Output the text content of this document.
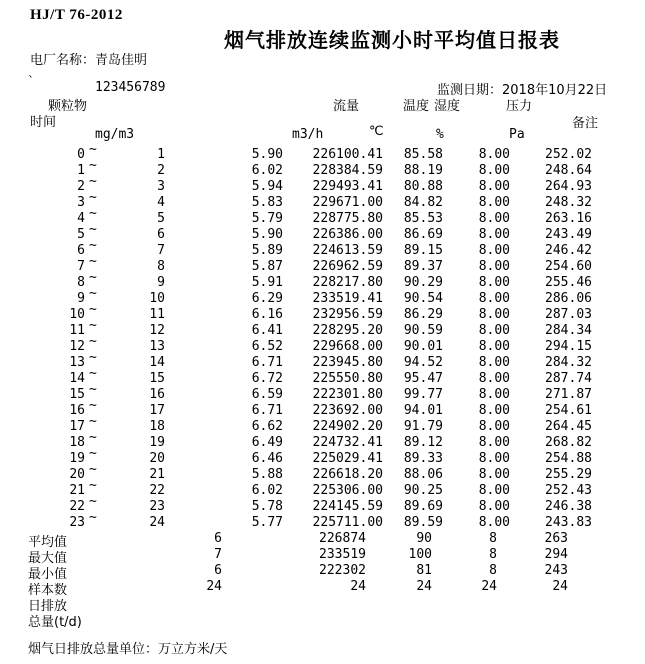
HJ/T 76-2012
烟气排放连续监测小时平均值日报表
电厂名称：青岛佳明
`	123456789	监测日期：2018年10月22日
颗粒物	流量	温度 湿度	压力
时间	备注
mg/m3	m3/h	℃	%	Pa
0 ~	1	5.90	226100.41	85.58	8.00	252.02
1 ~	2	6.02	228384.59	88.19	8.00	248.64
2 ~	3	5.94	229493.41	80.88	8.00	264.93
3 ~	4	5.83	229671.00	84.82	8.00	248.32
4 ~	5	5.79	228775.80	85.53	8.00	263.16
5 ~	6	5.90	226386.00	86.69	8.00	243.49
6 ~	7	5.89	224613.59	89.15	8.00	246.42
7 ~	8	5.87	226962.59	89.37	8.00	254.60
8 ~	9	5.91	228217.80	90.29	8.00	255.46
9 ~	10	6.29	233519.41	90.54	8.00	286.06
10 ~	11	6.16	232956.59	86.29	8.00	287.03
11 ~	12	6.41	228295.20	90.59	8.00	284.34
12 ~	13	6.52	229668.00	90.01	8.00	294.15
13 ~	14	6.71	223945.80	94.52	8.00	284.32
14 ~	15	6.72	225550.80	95.47	8.00	287.74
15 ~	16	6.59	222301.80	99.77	8.00	271.87
16 ~	17	6.71	223692.00	94.01	8.00	254.61
17 ~	18	6.62	224902.20	91.79	8.00	264.45
18 ~	19	6.49	224732.41	89.12	8.00	268.82
19 ~	20	6.46	225029.41	89.33	8.00	254.88
20 ~	21	5.88	226618.20	88.06	8.00	255.29
21 ~	22	6.02	225306.00	90.25	8.00	252.43
22 ~	23	5.78	224145.59	89.69	8.00	246.38
23 ~	24	5.77	225711.00	89.59	8.00	243.83
平均值	6	226874	90	8	263
最大值	7	233519	100	8	294
最小值	6	222302	81	8	243
样本数	24	24	24	24	24
日排放
总量(t/d)
烟气日排放总量单位：万立方米/天
